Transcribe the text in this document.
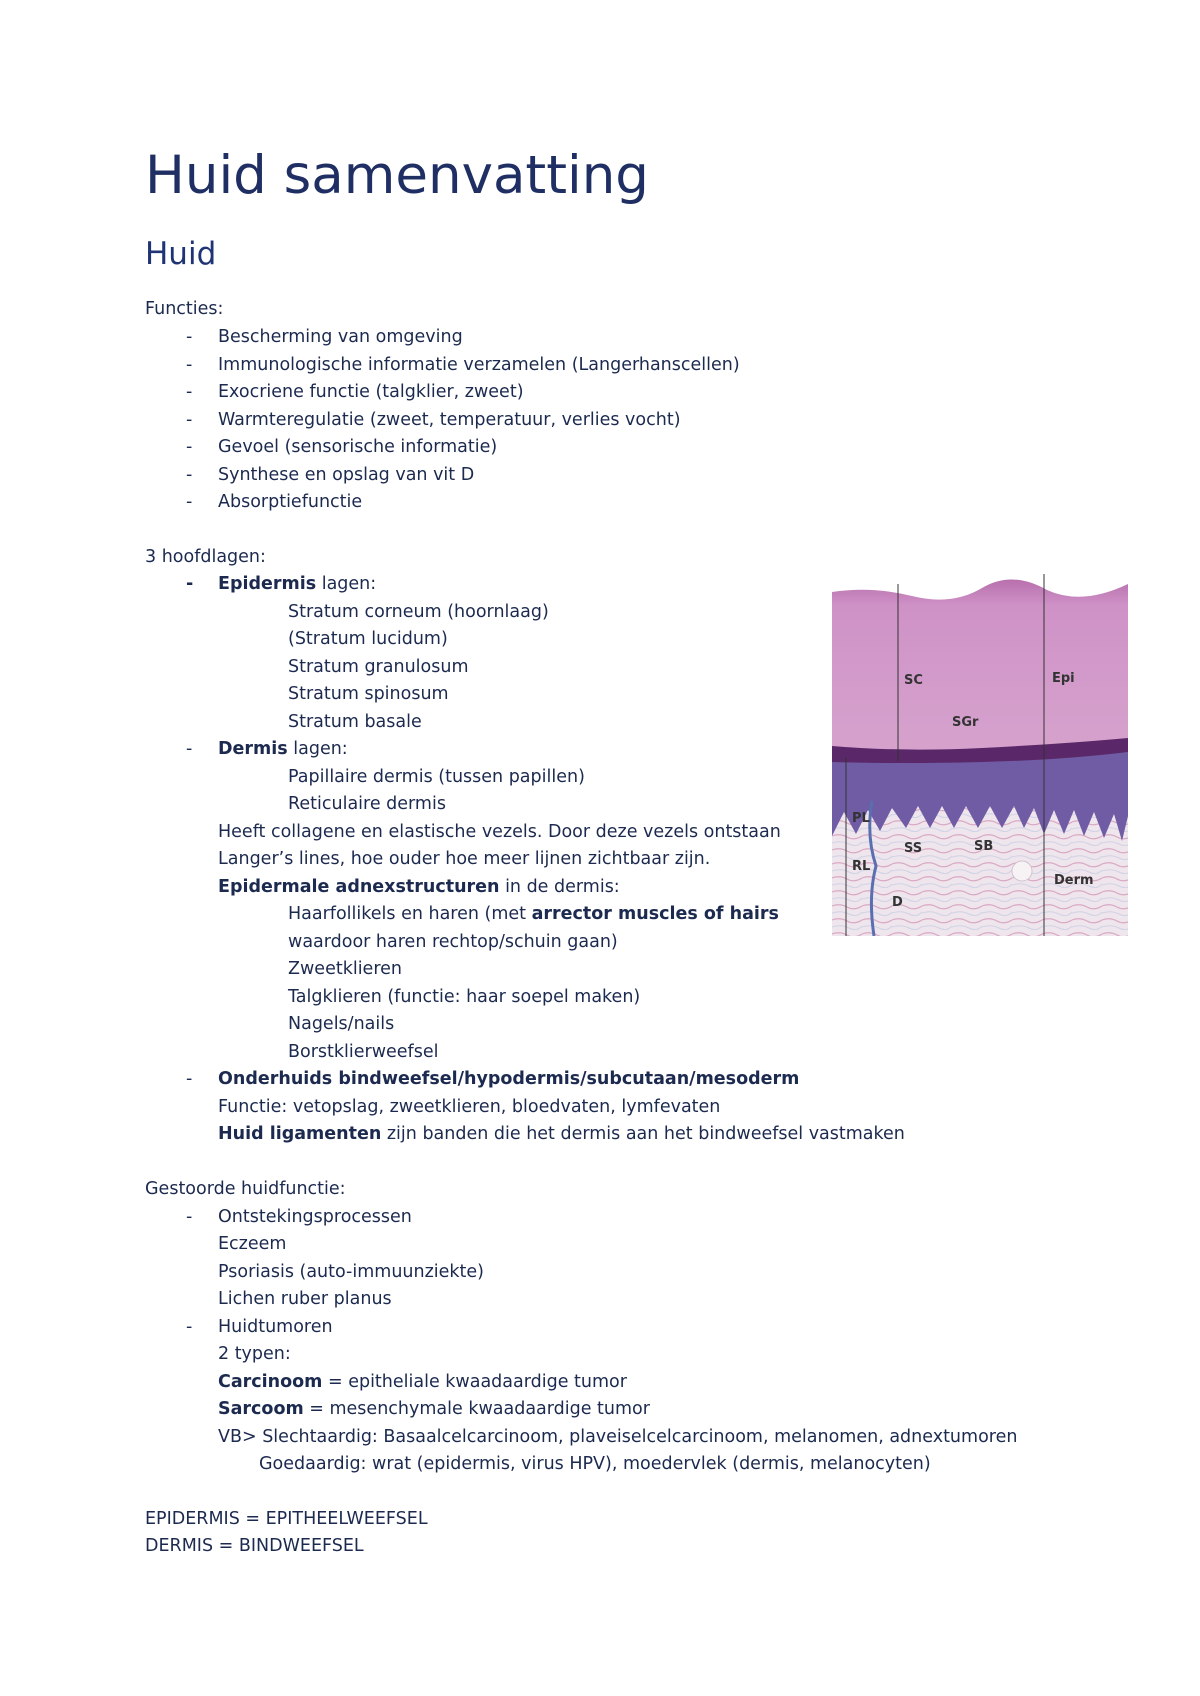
Huid samenvatting
Huid
Functies:
- Bescherming van omgeving
- Immunologische informatie verzamelen (Langerhanscellen)
- Exocriene functie (talgklier, zweet)
- Warmteregulatie (zweet, temperatuur, verlies vocht)
- Gevoel (sensorische informatie)
- Synthese en opslag van vit D
- Absorptiefunctie
3 hoofdlagen:
- Epidermis lagen:
Stratum corneum (hoornlaag)
(Stratum lucidum)
Stratum granulosum
Stratum spinosum
Stratum basale
- Dermis lagen:
Papillaire dermis (tussen papillen)
Reticulaire dermis
Heeft collagene en elastische vezels. Door deze vezels ontstaan
Langer’s lines, hoe ouder hoe meer lijnen zichtbaar zijn.
Epidermale adnexstructuren in de dermis:
Haarfollikels en haren (met arrector muscles of hairs
waardoor haren rechtop/schuin gaan)
Zweetklieren
Talgklieren (functie: haar soepel maken)
Nagels/nails
Borstklierweefsel
- Onderhuids bindweefsel/hypodermis/subcutaan/mesoderm
Functie: vetopslag, zweetklieren, bloedvaten, lymfevaten
Huid ligamenten zijn banden die het dermis aan het bindweefsel vastmaken
Gestoorde huidfunctie:
- Ontstekingsprocessen
Eczeem
Psoriasis (auto-immuunziekte)
Lichen ruber planus
- Huidtumoren
2 typen:
Carcinoom = epitheliale kwaadaardige tumor
Sarcoom = mesenchymale kwaadaardige tumor
VB> Slechtaardig: Basaalcelcarcinoom, plaveiselcelcarcinoom, melanomen, adnextumoren
Goedaardig: wrat (epidermis, virus HPV), moedervlek (dermis, melanocyten)
EPIDERMIS = EPITHEELWEEFSEL
DERMIS = BINDWEEFSEL
SC	Epi
SGr
PL
SS	SB
RL
Derm
D
